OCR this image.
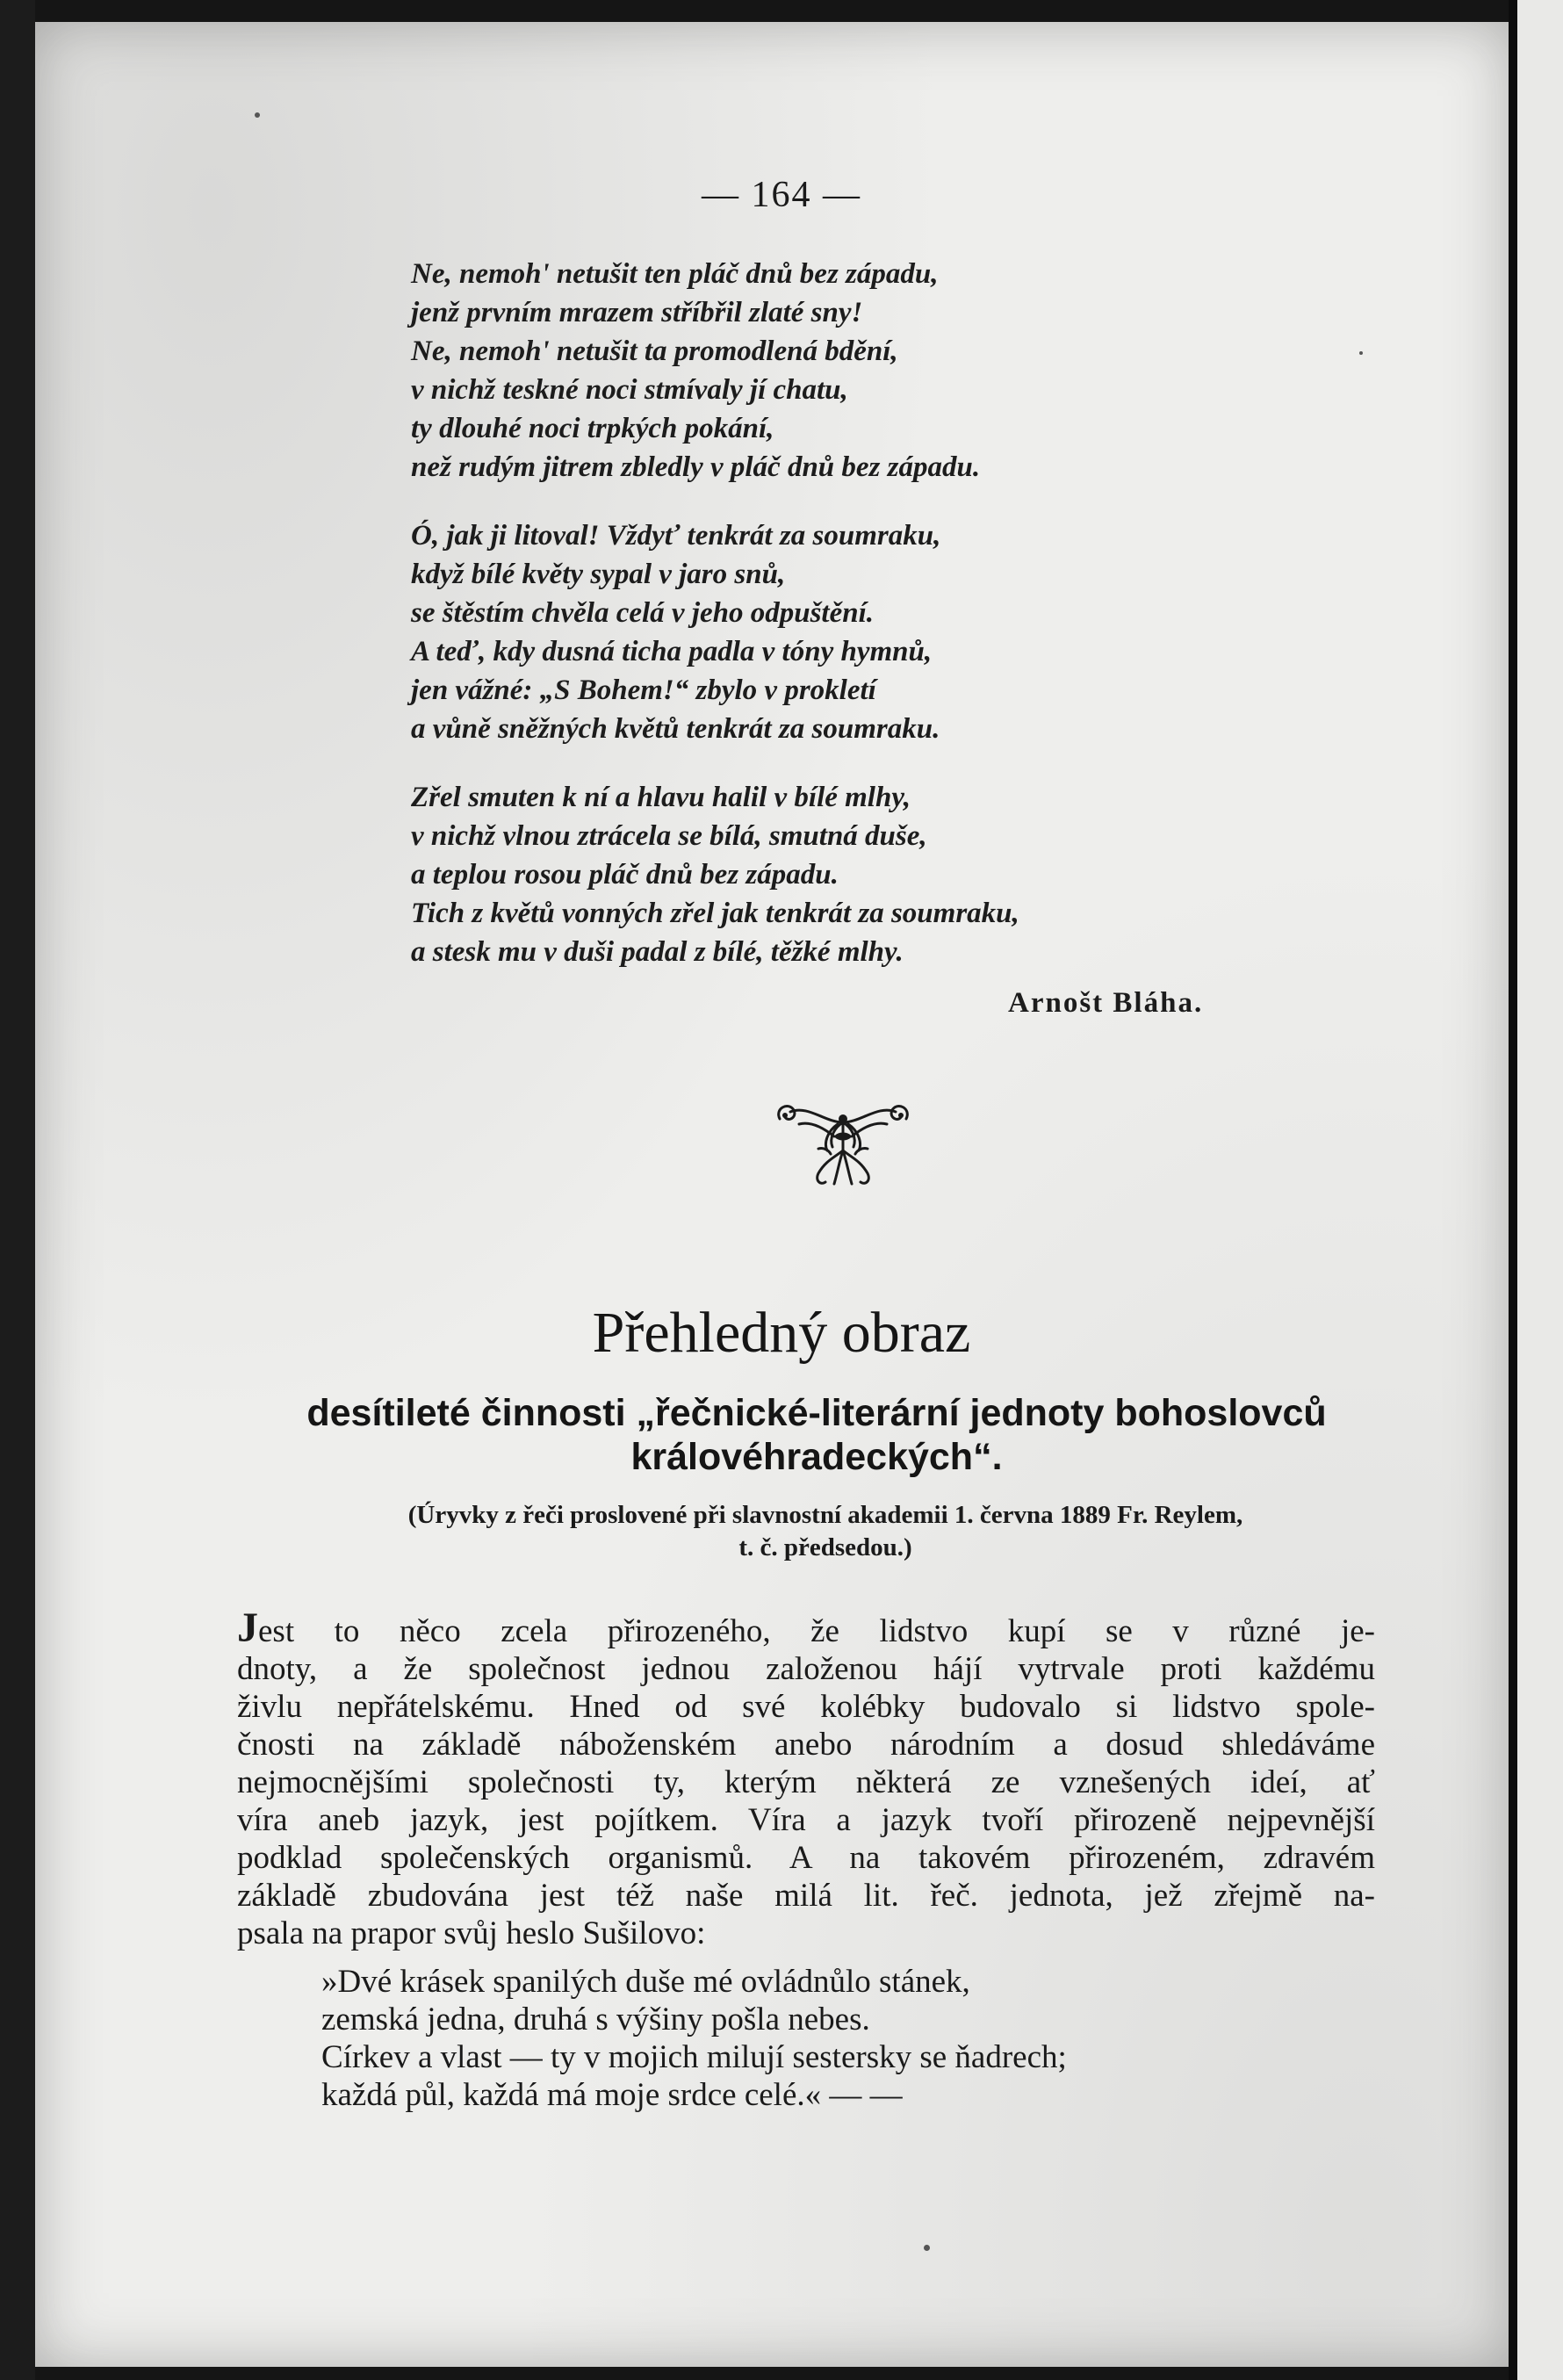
— 164 —
Ne, nemoh' netušit ten pláč dnů bez západu,
jenž prvním mrazem stříbřil zlaté sny!
Ne, nemoh' netušit ta promodlená bdění,
v nichž teskné noci stmívaly jí chatu,
ty dlouhé noci trpkých pokání,
než rudým jitrem zbledly v pláč dnů bez západu.
Ó, jak ji litoval! Vždyť tenkrát za soumraku,
když bílé květy sypal v jaro snů,
se štěstím chvěla celá v jeho odpuštění.
A teď, kdy dusná ticha padla v tóny hymnů,
jen vážné: „S Bohem!“ zbylo v prokletí
a vůně sněžných květů tenkrát za soumraku.
Zřel smuten k ní a hlavu halil v bílé mlhy,
v nichž vlnou ztrácela se bílá, smutná duše,
a teplou rosou pláč dnů bez západu.
Tich z květů vonných zřel jak tenkrát za soumraku,
a stesk mu v duši padal z bílé, těžké mlhy.
Arnošt Bláha.
Přehledný obraz
desítileté činnosti „řečnické-literární jednoty bohoslovců
královéhradeckých“.
(Úryvky z řeči proslovené při slavnostní akademii 1. června 1889 Fr. Reylem,
t. č. předsedou.)
Jest to něco zcela přirozeného, že lidstvo kupí se v různé je-
dnoty, a že společnost jednou založenou hájí vytrvale proti každému
živlu nepřátelskému. Hned od své kolébky budovalo si lidstvo spole-
čnosti na základě náboženském anebo národním a dosud shledáváme
nejmocnějšími společnosti ty, kterým některá ze vznešených ideí, ať
víra aneb jazyk, jest pojítkem. Víra a jazyk tvoří přirozeně nejpevnější
podklad společenských organismů. A na takovém přirozeném, zdravém
základě zbudována jest též naše milá lit. řeč. jednota, jež zřejmě na-
psala na prapor svůj heslo Sušilovo:
»Dvé krásek spanilých duše mé ovládnůlo stánek,
zemská jedna, druhá s výšiny pošla nebes.
Církev a vlast — ty v mojich milují sestersky se ňadrech;
každá půl, každá má moje srdce celé.« — —
